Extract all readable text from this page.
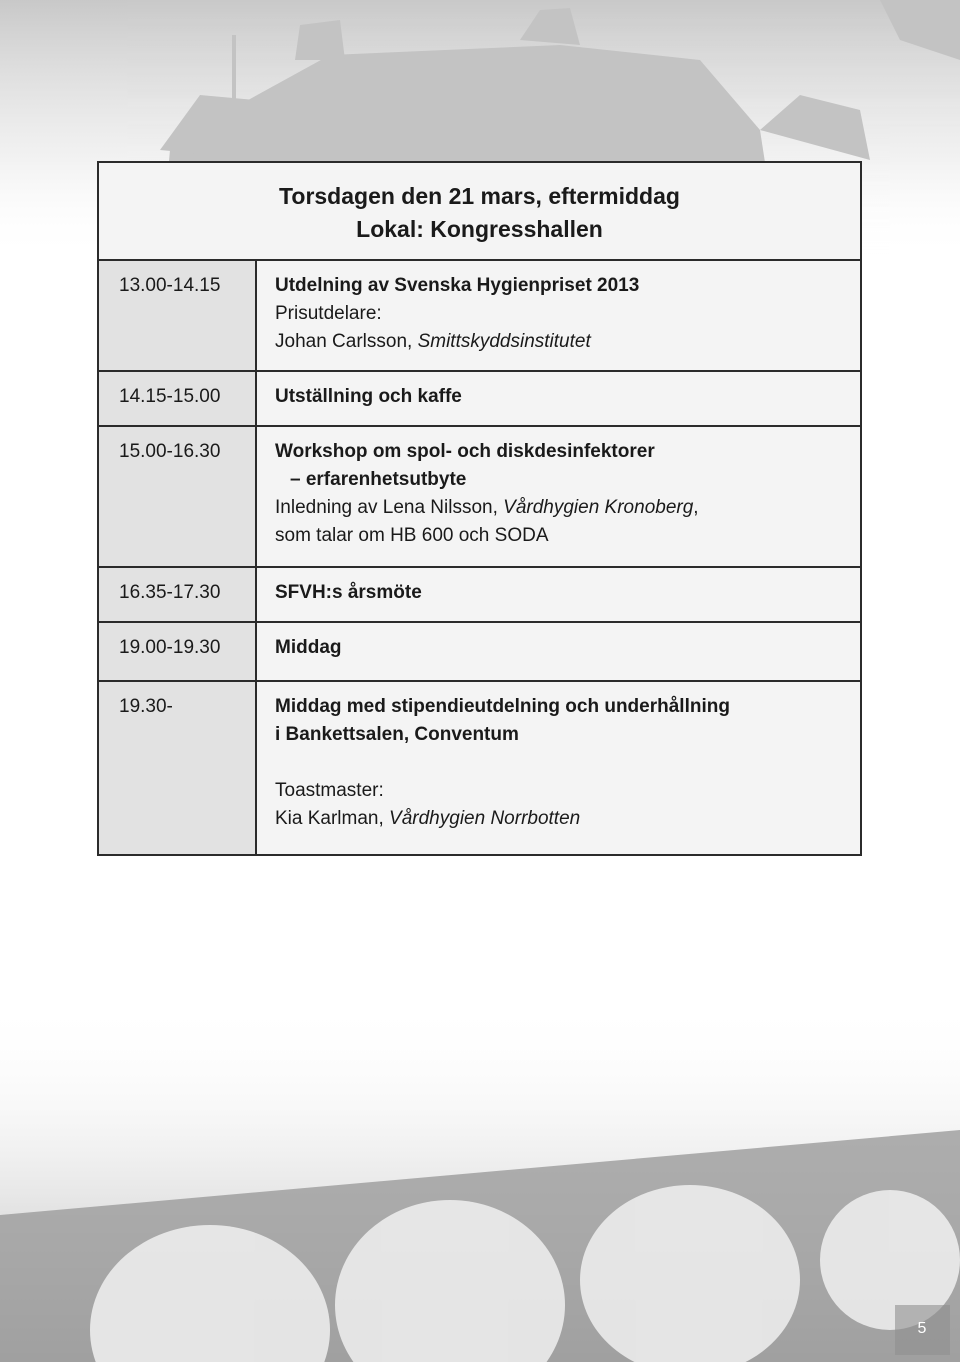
Torsdagen den 21 mars, eftermiddag
Lokal: Kongresshallen
13.00-14.15	Utdelning av Svenska Hygienpriset 2013
Prisutdelare:
Johan Carlsson, Smittskyddsinstitutet
14.15-15.00	Utställning och kaffe
15.00-16.30	Workshop om spol- och diskdesinfektorer
– erfarenhetsutbyte
Inledning av Lena Nilsson, Vårdhygien Kronoberg,
som talar om HB 600 och SODA
16.35-17.30	SFVH:s årsmöte
19.00-19.30	Middag
19.30-	Middag med stipendieutdelning och underhållning
i Bankettsalen, Conventum
Toastmaster:
Kia Karlman, Vårdhygien Norrbotten
5
